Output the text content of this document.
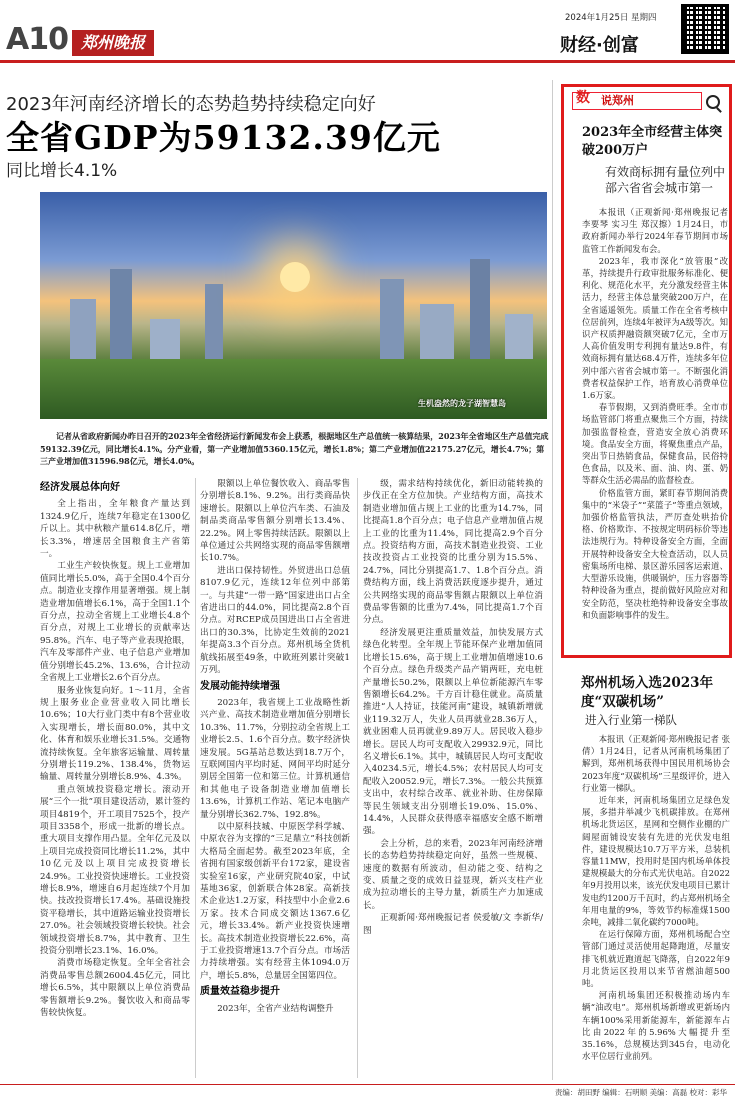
A10 郑州晚报
2024年1月25日 星期四
财经·创富
2023年河南经济增长的态势趋势持续稳定向好
全省GDP为59132.39亿元
同比增长4.1%
生机盎然的龙子湖智慧岛
记者从省政府新闻办昨日召开的2023年全省经济运行新闻发布会上获悉，根据地区生产总值统一核算结果，2023年全省地区生产总值完成59132.39亿元，同比增长4.1%。分产业看，第一产业增加值5360.15亿元，增长1.8%；第二产业增加值22175.27亿元，增长4.7%；第三产业增加值31596.98亿元，增长4.0%。
经济发展总体向好

全上指出，全年粮食产量达到1324.9亿斤，连续7年稳定在1300亿斤以上。其中秋粮产量614.8亿斤，增长3.3%，增速居全国粮食主产省第一。

工业生产较快恢复。规上工业增加值同比增长5.0%，高于全国0.4个百分点。制造业支撑作用显著增强。规上制造业增加值增长6.1%，高于全国1.1个百分点，拉动全省规上工业增长4.8个百分点，对规上工业增长的贡献率达95.8%。汽车、电子等产业表现抢眼，汽车及零部件产业、电子信息产业增加值分别增长45.2%、13.6%，合计拉动全省规上工业增长2.6个百分点。

服务业恢复向好。1～11月，全省规上服务业企业营业收入同比增长10.6%；10大行业门类中有8个营业收入实现增长，增长面80.0%，其中文化、体育和娱乐业增长31.5%。交通物流持续恢复。全年旅客运输量、周转量分别增长119.2%、138.4%，货物运输量、周转量分别增长8.9%、4.3%。

重点领域投资稳定增长。滚动开展“三个一批”项目建设活动，累计签约项目4819个，开工项目7525个，投产项目3358个，形成一批新的增长点。重大项目支撑作用凸显。全年亿元及以上项目完成投资同比增长11.2%，其中10亿元及以上项目完成投资增长24.9%。工业投资快速增长。工业投资增长8.9%，增速自6月起连续7个月加快。技改投资增长17.4%。基础设施投资平稳增长，其中道路运输业投资增长27.0%。社会领域投资增长较快。社会领域投资增长8.7%，其中教育、卫生投资分别增长23.1%、16.0%。

消费市场稳定恢复。全年全省社会消费品零售总额26004.45亿元，同比增长6.5%，其中限额以上单位消费品零售额增长9.2%。餐饮收入和商品零售较快恢复。

限额以上单位餐饮收入、商品零售分别增长8.1%、9.2%。出行类商品快速增长。限额以上单位汽车类、石油及制品类商品零售额分别增长13.4%、22.2%。网上零售持续活跃。限额以上单位通过公共网络实现的商品零售额增长10.7%。

进出口保持韧性。外贸进出口总值8107.9亿元，连续12年位列中部第一。与共建“一带一路”国家进出口占全省进出口的44.0%，同比提高2.8个百分点。对RCEP成员国进出口占全省进出口的30.3%，比协定生效前的2021年提高3.3个百分点。郑州机场全货机航线拓展至49条，中欧班列累计突破1万列。

发展动能持续增强

2023年，我省规上工业战略性新兴产业、高技术制造业增加值分别增长10.3%、11.7%，分别拉动全省规上工业增长2.5、1.6个百分点。数字经济快速发展。5G基站总数达到18.7万个，互联网国内平均时延、网间平均时延分别居全国第一位和第三位。计算机通信和其他电子设备制造业增加值增长13.6%，计算机工作站、笔记本电脑产量分别增长362.7%、192.8%。

以中原科技城、中原医学科学城、中原农谷为支撑的“三足鼎立”科技创新大格局全面起势。截至2023年底，全省拥有国家级创新平台172家，建设省实验室16家，产业研究院40家，中试基地36家，创新联合体28家。高新技术企业达1.2万家，科技型中小企业2.6万家。技术合同成交额达1367.6亿元，增长33.4%。新产业投资快速增长。高技术制造业投资增长22.6%，高于工业投资增速13.7个百分点。市场活力持续增强。实有经营主体1094.0万户，增长5.8%，总量居全国第四位。

质量效益稳步提升

2023年，全省产业结构调整升

级，需求结构持续优化，新旧动能转换的步伐正在全方位加快。产业结构方面，高技术制造业增加值占规上工业的比重为14.7%，同比提高1.8个百分点；电子信息产业增加值占规上工业的比重为11.4%，同比提高2.9个百分点。投资结构方面，高技术制造业投资、工业技改投资占工业投资的比重分别为15.5%、24.7%，同比分别提高1.7、1.8个百分点。消费结构方面，线上消费活跃度逐步提升，通过公共网络实现的商品零售额占限额以上单位消费品零售额的比重为7.4%，同比提高1.7个百分点。

经济发展更注重质量效益，加快发展方式绿色化转型。全年规上节能环保产业增加值同比增长15.6%，高于规上工业增加值增速10.6个百分点。绿色升级类产品产销两旺，充电桩产量增长50.2%，限额以上单位新能源汽车零售额增长64.2%。千方百计稳住就业。高质量推进“人人持证，技能河南”建设，城镇新增就业119.32万人，失业人员再就业28.36万人，就业困难人员再就业9.89万人。居民收入稳步增长。居民人均可支配收入29932.9元，同比名义增长6.1%。其中，城镇居民人均可支配收入40234.5元，增长4.5%；农村居民人均可支配收入20052.9元，增长7.3%。一般公共预算支出中，农村综合改革、就业补助、住房保障等民生领域支出分别增长19.0%、15.0%、14.4%，人民群众获得感幸福感安全感不断增强。

会上分析，总的来看，2023年河南经济增长的态势趋势持续稳定向好，虽然一些规模、速度的数据有所波动，但动能之变、结构之变、质量之变的成效日益显现，新兴支柱产业成为拉动增长的主导力量，新质生产力加速成长。

正观新闻·郑州晚报记者 侯爱敏/文 李新华/图

数 说郑州
2023年全市经营主体突破200万户
有效商标拥有量位列中部六省省会城市第一

本报讯（正观新闻·郑州晚报记者 李要琴 实习生 郑汉擦）1月24日，市政府新闻办举行2024年春节期间市场监管工作新闻发布会。

2023年，我市深化“放管服”改革，持续提升行政审批服务标准化、便利化、规范化水平，充分激发经营主体活力，经营主体总量突破200万户，在全省遥遥领先。质量工作在全省考核中位居前列，连续4年被评为A级等次。知识产权质押融资额突破7亿元，全市万人高价值发明专利拥有量达9.8件，有效商标拥有量达68.4万件，连续多年位列中部六省省会城市第一。不断强化消费者权益保护工作，培育放心消费单位1.6万家。

春节假期，又到消费旺季。全市市场监管部门将重点聚焦三个方面，持续加强监督检查，营造安全放心消费环境。食品安全方面，将聚焦重点产品，突出节日热销食品，保健食品，民俗特色食品，以及米、面、油、肉、蛋、奶等群众生活必需品的监督检查。

价格监管方面，紧盯春节期间消费集中的“米袋子”“菜篮子”等重点领域，加强价格监管执法，严厉查处哄抬价格、价格欺诈、不按规定明码标价等违法违规行为。特种设备安全方面，全面开展特种设备安全大检查活动，以人员密集场所电梯、景区游乐园客运索道、大型游乐设施，供暖锅炉，压力容器等特种设备为重点，提前做好风险应对和安全防范，坚决杜绝特种设备安全事故和负面影响事件的发生。

郑州机场入选2023年度“双碳机场”
进入行业第一梯队

本报讯（正观新闻·郑州晚报记者 张倩）1月24日，记者从河南机场集团了解到，郑州机场获得中国民用机场协会2023年度“双碳机场”三星级评价，进入行业第一梯队。

近年来，河南机场集团立足绿色发展，多措并举减少飞机碳排放。在郑州机场北货运区，星网和空侧作业棚的广阔屋面铺设安装有先进的光伏发电组件，建设规模达10.7万平方米，总装机容量11MW，投用时是国内机场单体投建规模最大的分布式光伏电站。自2022年9月投用以来，该光伏发电项目已累计发电约1200万千瓦时，约占郑州机场全年用电量的9%，等效节约标准煤1500余吨，减排二氧化碳约7000吨。

在运行保障方面，郑州机场配合空管部门通过灵活使用起降跑道，尽量安排飞机就近跑道起飞降落，自2022年9月北货运区投用以来节省燃油超500吨。

河南机场集团还积极推动场内车辆“油改电”。郑州机场新增或更新场内车辆100%采用新能源车，新能源车占比由2022年的5.96%大幅提升至35.16%，总规模达到345台，电动化水平位居行业前列。

责编：胡田野 编辑：石明顺 美编：高磊 校对：彩华
